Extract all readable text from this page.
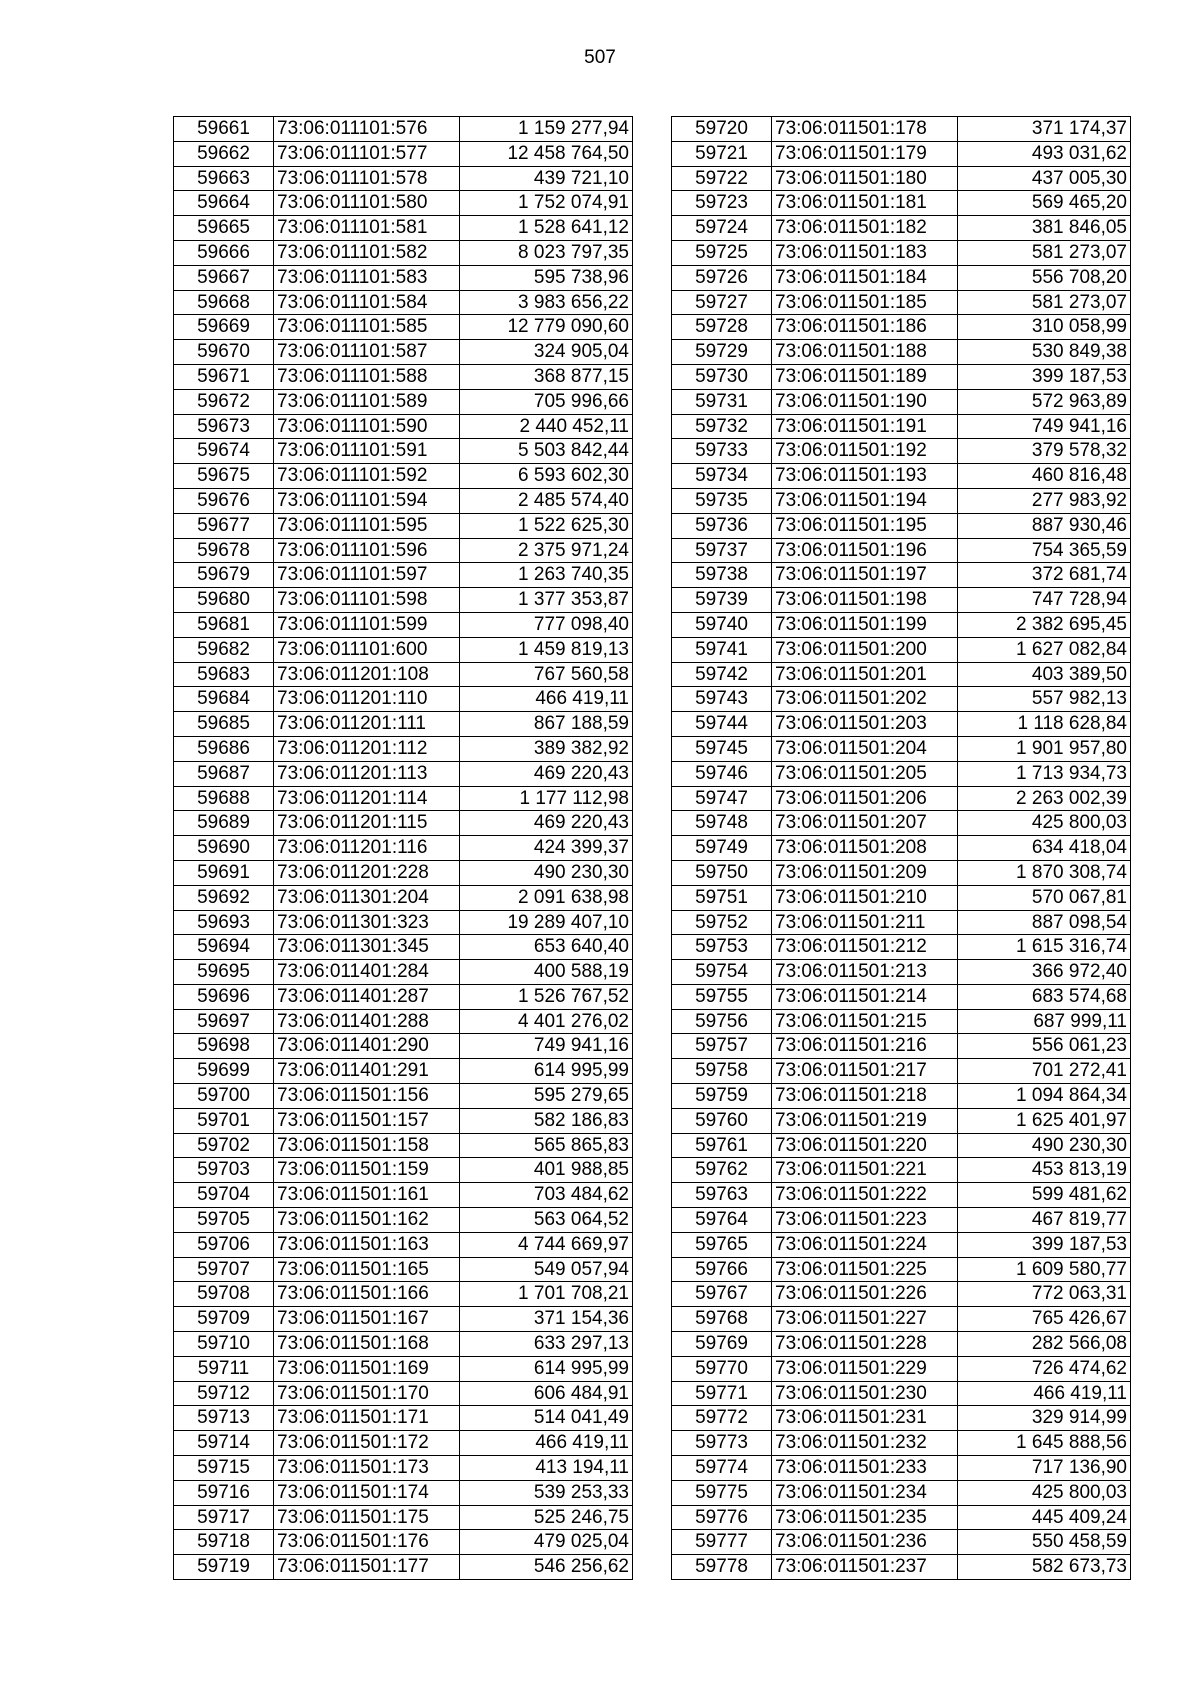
507
59661	73:06:011101:576	1 159 277,94
59662	73:06:011101:577	12 458 764,50
59663	73:06:011101:578	439 721,10
59664	73:06:011101:580	1 752 074,91
59665	73:06:011101:581	1 528 641,12
59666	73:06:011101:582	8 023 797,35
59667	73:06:011101:583	595 738,96
59668	73:06:011101:584	3 983 656,22
59669	73:06:011101:585	12 779 090,60
59670	73:06:011101:587	324 905,04
59671	73:06:011101:588	368 877,15
59672	73:06:011101:589	705 996,66
59673	73:06:011101:590	2 440 452,11
59674	73:06:011101:591	5 503 842,44
59675	73:06:011101:592	6 593 602,30
59676	73:06:011101:594	2 485 574,40
59677	73:06:011101:595	1 522 625,30
59678	73:06:011101:596	2 375 971,24
59679	73:06:011101:597	1 263 740,35
59680	73:06:011101:598	1 377 353,87
59681	73:06:011101:599	777 098,40
59682	73:06:011101:600	1 459 819,13
59683	73:06:011201:108	767 560,58
59684	73:06:011201:110	466 419,11
59685	73:06:011201:111	867 188,59
59686	73:06:011201:112	389 382,92
59687	73:06:011201:113	469 220,43
59688	73:06:011201:114	1 177 112,98
59689	73:06:011201:115	469 220,43
59690	73:06:011201:116	424 399,37
59691	73:06:011201:228	490 230,30
59692	73:06:011301:204	2 091 638,98
59693	73:06:011301:323	19 289 407,10
59694	73:06:011301:345	653 640,40
59695	73:06:011401:284	400 588,19
59696	73:06:011401:287	1 526 767,52
59697	73:06:011401:288	4 401 276,02
59698	73:06:011401:290	749 941,16
59699	73:06:011401:291	614 995,99
59700	73:06:011501:156	595 279,65
59701	73:06:011501:157	582 186,83
59702	73:06:011501:158	565 865,83
59703	73:06:011501:159	401 988,85
59704	73:06:011501:161	703 484,62
59705	73:06:011501:162	563 064,52
59706	73:06:011501:163	4 744 669,97
59707	73:06:011501:165	549 057,94
59708	73:06:011501:166	1 701 708,21
59709	73:06:011501:167	371 154,36
59710	73:06:011501:168	633 297,13
59711	73:06:011501:169	614 995,99
59712	73:06:011501:170	606 484,91
59713	73:06:011501:171	514 041,49
59714	73:06:011501:172	466 419,11
59715	73:06:011501:173	413 194,11
59716	73:06:011501:174	539 253,33
59717	73:06:011501:175	525 246,75
59718	73:06:011501:176	479 025,04
59719	73:06:011501:177	546 256,62
59720	73:06:011501:178	371 174,37
59721	73:06:011501:179	493 031,62
59722	73:06:011501:180	437 005,30
59723	73:06:011501:181	569 465,20
59724	73:06:011501:182	381 846,05
59725	73:06:011501:183	581 273,07
59726	73:06:011501:184	556 708,20
59727	73:06:011501:185	581 273,07
59728	73:06:011501:186	310 058,99
59729	73:06:011501:188	530 849,38
59730	73:06:011501:189	399 187,53
59731	73:06:011501:190	572 963,89
59732	73:06:011501:191	749 941,16
59733	73:06:011501:192	379 578,32
59734	73:06:011501:193	460 816,48
59735	73:06:011501:194	277 983,92
59736	73:06:011501:195	887 930,46
59737	73:06:011501:196	754 365,59
59738	73:06:011501:197	372 681,74
59739	73:06:011501:198	747 728,94
59740	73:06:011501:199	2 382 695,45
59741	73:06:011501:200	1 627 082,84
59742	73:06:011501:201	403 389,50
59743	73:06:011501:202	557 982,13
59744	73:06:011501:203	1 118 628,84
59745	73:06:011501:204	1 901 957,80
59746	73:06:011501:205	1 713 934,73
59747	73:06:011501:206	2 263 002,39
59748	73:06:011501:207	425 800,03
59749	73:06:011501:208	634 418,04
59750	73:06:011501:209	1 870 308,74
59751	73:06:011501:210	570 067,81
59752	73:06:011501:211	887 098,54
59753	73:06:011501:212	1 615 316,74
59754	73:06:011501:213	366 972,40
59755	73:06:011501:214	683 574,68
59756	73:06:011501:215	687 999,11
59757	73:06:011501:216	556 061,23
59758	73:06:011501:217	701 272,41
59759	73:06:011501:218	1 094 864,34
59760	73:06:011501:219	1 625 401,97
59761	73:06:011501:220	490 230,30
59762	73:06:011501:221	453 813,19
59763	73:06:011501:222	599 481,62
59764	73:06:011501:223	467 819,77
59765	73:06:011501:224	399 187,53
59766	73:06:011501:225	1 609 580,77
59767	73:06:011501:226	772 063,31
59768	73:06:011501:227	765 426,67
59769	73:06:011501:228	282 566,08
59770	73:06:011501:229	726 474,62
59771	73:06:011501:230	466 419,11
59772	73:06:011501:231	329 914,99
59773	73:06:011501:232	1 645 888,56
59774	73:06:011501:233	717 136,90
59775	73:06:011501:234	425 800,03
59776	73:06:011501:235	445 409,24
59777	73:06:011501:236	550 458,59
59778	73:06:011501:237	582 673,73
